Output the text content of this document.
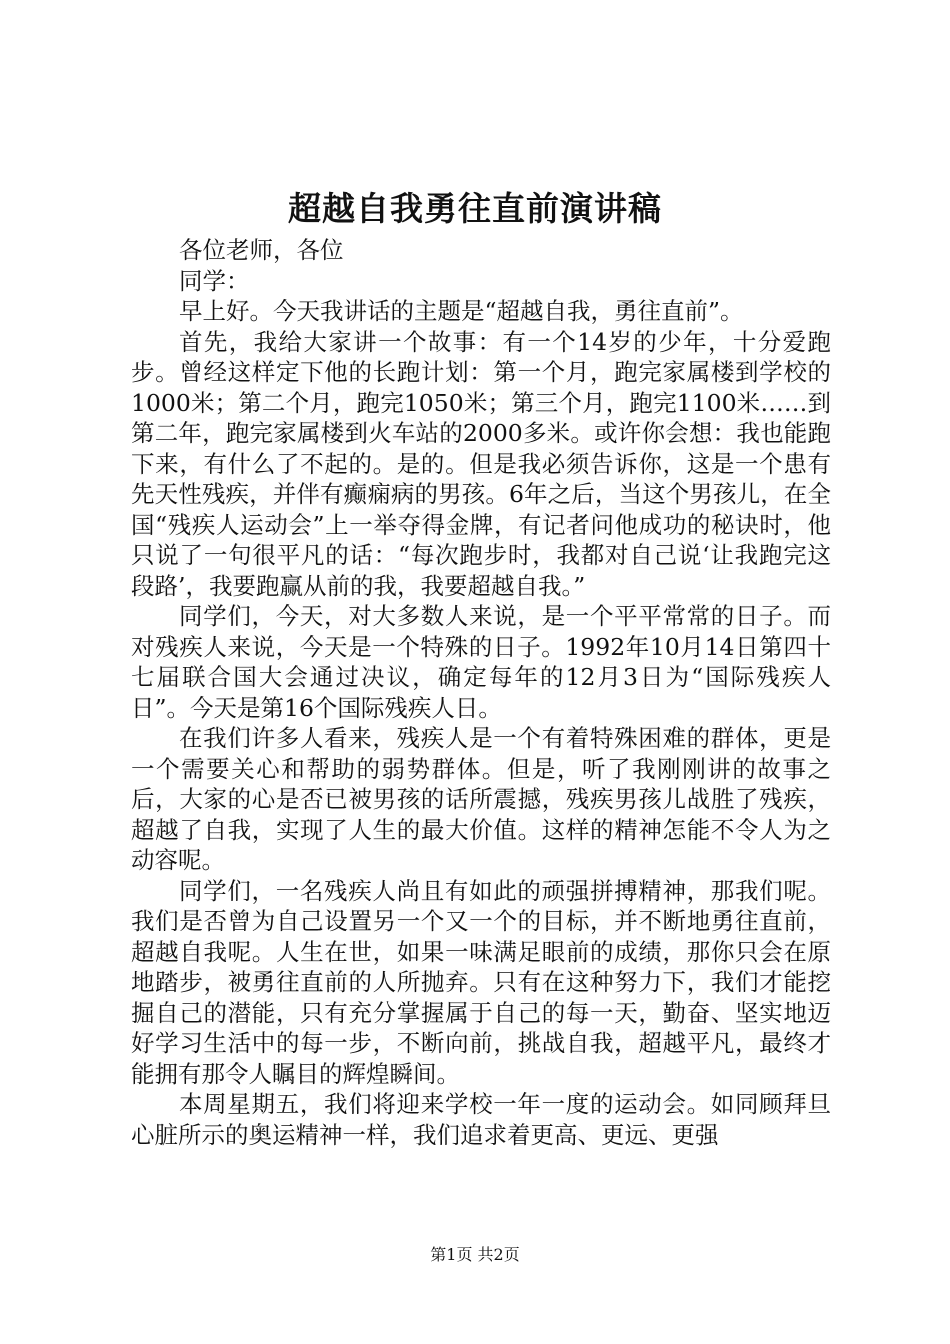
超越自我勇往直前演讲稿

各位老师，各位

同学：

早上好。今天我讲话的主题是“超越自我，勇往直前”。

首先，我给大家讲一个故事：有一个14岁的少年，十分爱跑步。曾经这样定下他的长跑计划：第一个月，跑完家属楼到学校的1000米；第二个月，跑完1050米；第三个月，跑完1100米……到第二年，跑完家属楼到火车站的2000多米。或许你会想：我也能跑下来，有什么了不起的。是的。但是我必须告诉你，这是一个患有先天性残疾，并伴有癫痫病的男孩。6年之后，当这个男孩儿，在全国“残疾人运动会”上一举夺得金牌，有记者问他成功的秘诀时，他只说了一句很平凡的话：“每次跑步时，我都对自己说‘让我跑完这段路’，我要跑赢从前的我，我要超越自我。”

同学们，今天，对大多数人来说，是一个平平常常的日子。而对残疾人来说，今天是一个特殊的日子。1992年10月14日第四十七届联合国大会通过决议，确定每年的12月3日为“国际残疾人日”。今天是第16个国际残疾人日。

在我们许多人看来，残疾人是一个有着特殊困难的群体，更是一个需要关心和帮助的弱势群体。但是，听了我刚刚讲的故事之后，大家的心是否已被男孩的话所震撼，残疾男孩儿战胜了残疾，超越了自我，实现了人生的最大价值。这样的精神怎能不令人为之动容呢。

同学们，一名残疾人尚且有如此的顽强拼搏精神，那我们呢。我们是否曾为自己设置另一个又一个的目标，并不断地勇往直前，超越自我呢。人生在世，如果一味满足眼前的成绩，那你只会在原地踏步，被勇往直前的人所抛弃。只有在这种努力下，我们才能挖掘自己的潜能，只有充分掌握属于自己的每一天，勤奋、坚实地迈好学习生活中的每一步，不断向前，挑战自我，超越平凡，最终才能拥有那令人瞩目的辉煌瞬间。

本周星期五，我们将迎来学校一年一度的运动会。如同顾拜旦心脏所示的奥运精神一样，我们追求着更高、更远、更强

第1页 共2页
